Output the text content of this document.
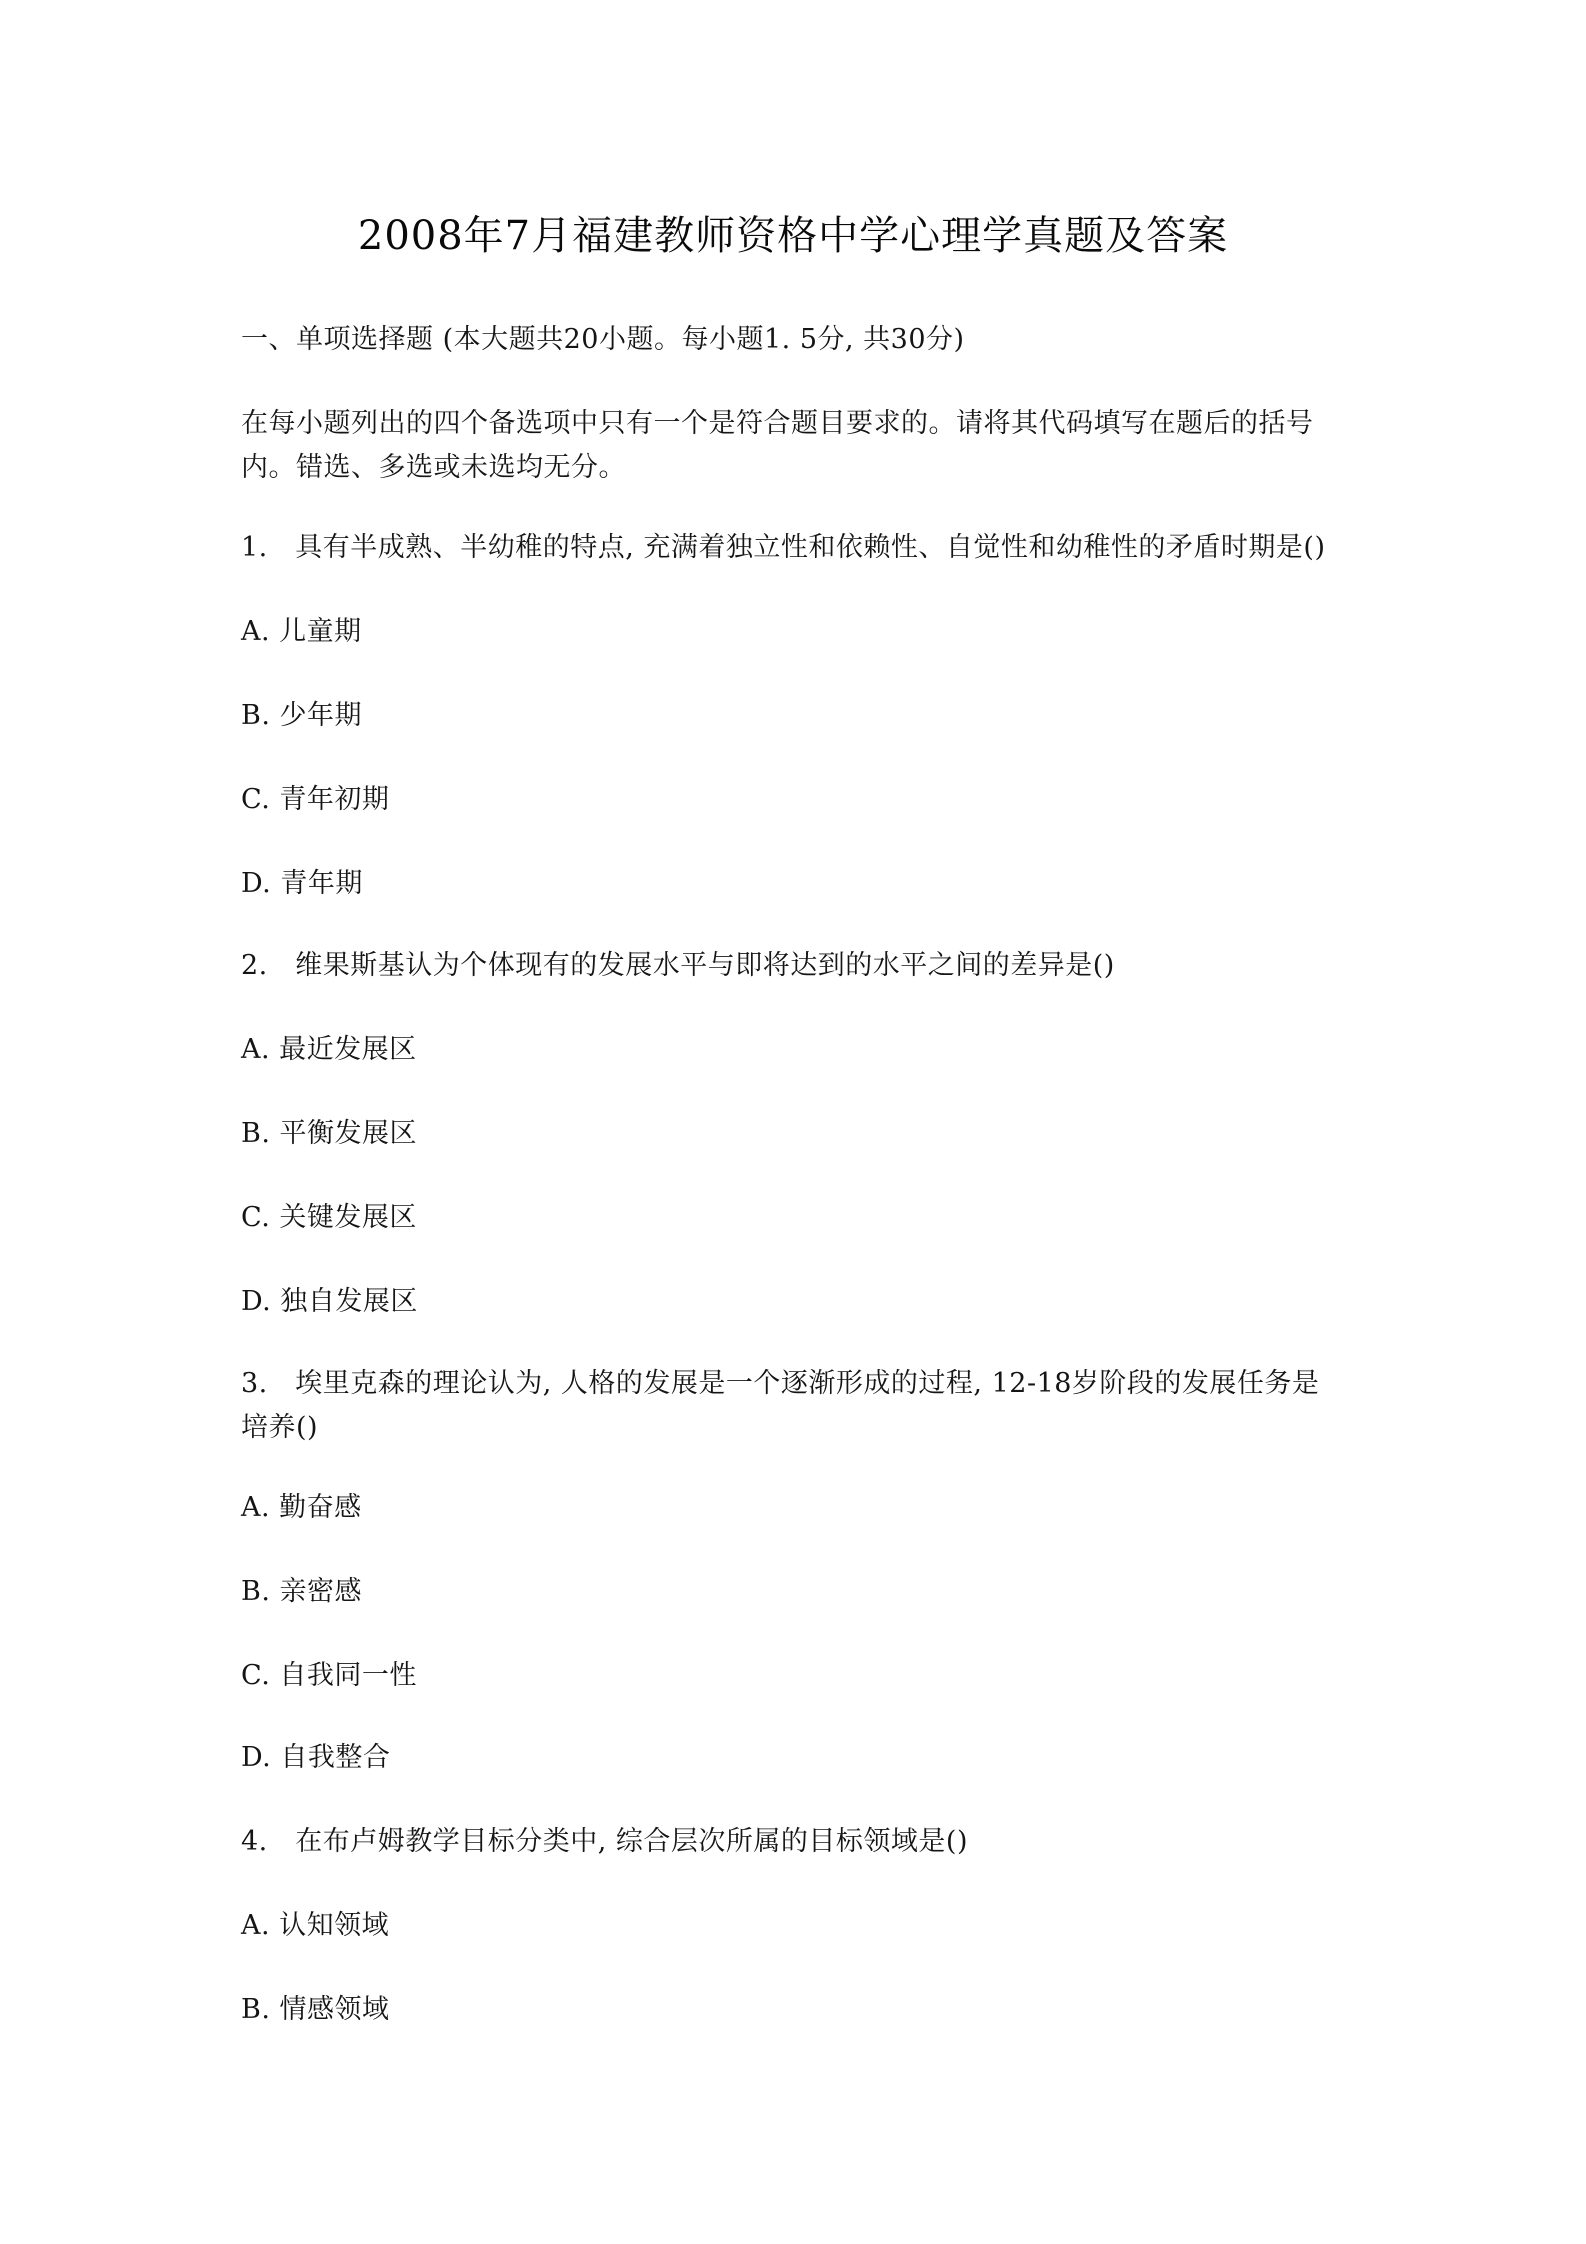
2008年7月福建教师资格中学心理学真题及答案
一、单项选择题 (本大题共20小题。每小题1. 5分, 共30分)
在每小题列出的四个备选项中只有一个是符合题目要求的。请将其代码填写在题后的括号
内。错选、多选或未选均无分。
1.　具有半成熟、半幼稚的特点, 充满着独立性和依赖性、自觉性和幼稚性的矛盾时期是()
A. 儿童期
B. 少年期
C. 青年初期
D. 青年期
2.　维果斯基认为个体现有的发展水平与即将达到的水平之间的差异是()
A. 最近发展区
B. 平衡发展区
C. 关键发展区
D. 独自发展区
3.　埃里克森的理论认为, 人格的发展是一个逐渐形成的过程, 12-18岁阶段的发展任务是
培养()
A. 勤奋感
B. 亲密感
C. 自我同一性
D. 自我整合
4.　在布卢姆教学目标分类中, 综合层次所属的目标领域是()
A. 认知领域
B. 情感领域
